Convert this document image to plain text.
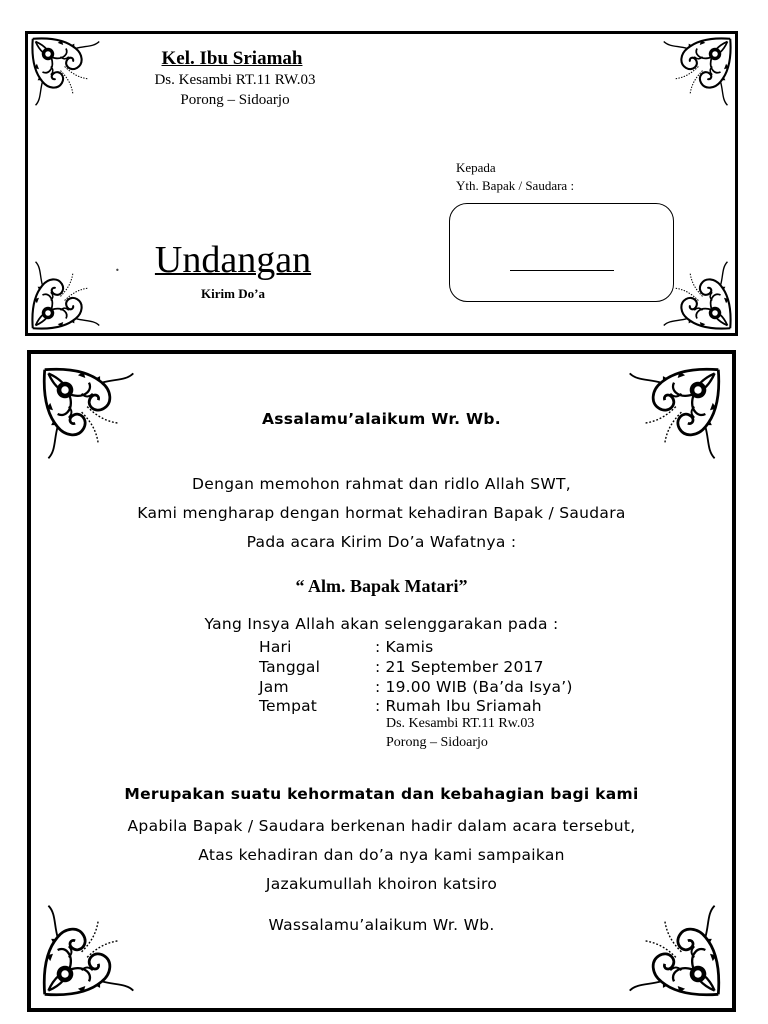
Kel. Ibu Sriamah
Ds. Kesambi RT.11 RW.03
Porong – Sidoarjo
• Undangan
Kirim Do’a
Kepada
Yth. Bapak / Saudara :
Assalamu’alaikum Wr. Wb.
Dengan memohon rahmat dan ridlo Allah SWT,
Kami mengharap dengan hormat kehadiran Bapak / Saudara
Pada acara Kirim Do’a Wafatnya :
“ Alm. Bapak Matari”
Yang Insya Allah akan selenggarakan pada :
Hari	: Kamis
Tanggal	: 21 September 2017
Jam	: 19.00 WIB (Ba’da Isya’)
Tempat	: Rumah Ibu Sriamah
Ds. Kesambi RT.11 Rw.03
Porong – Sidoarjo
Merupakan suatu kehormatan dan kebahagian bagi kami
Apabila Bapak / Saudara berkenan hadir dalam acara tersebut,
Atas kehadiran dan do’a nya kami sampaikan
Jazakumullah khoiron katsiro
Wassalamu’alaikum Wr. Wb.
